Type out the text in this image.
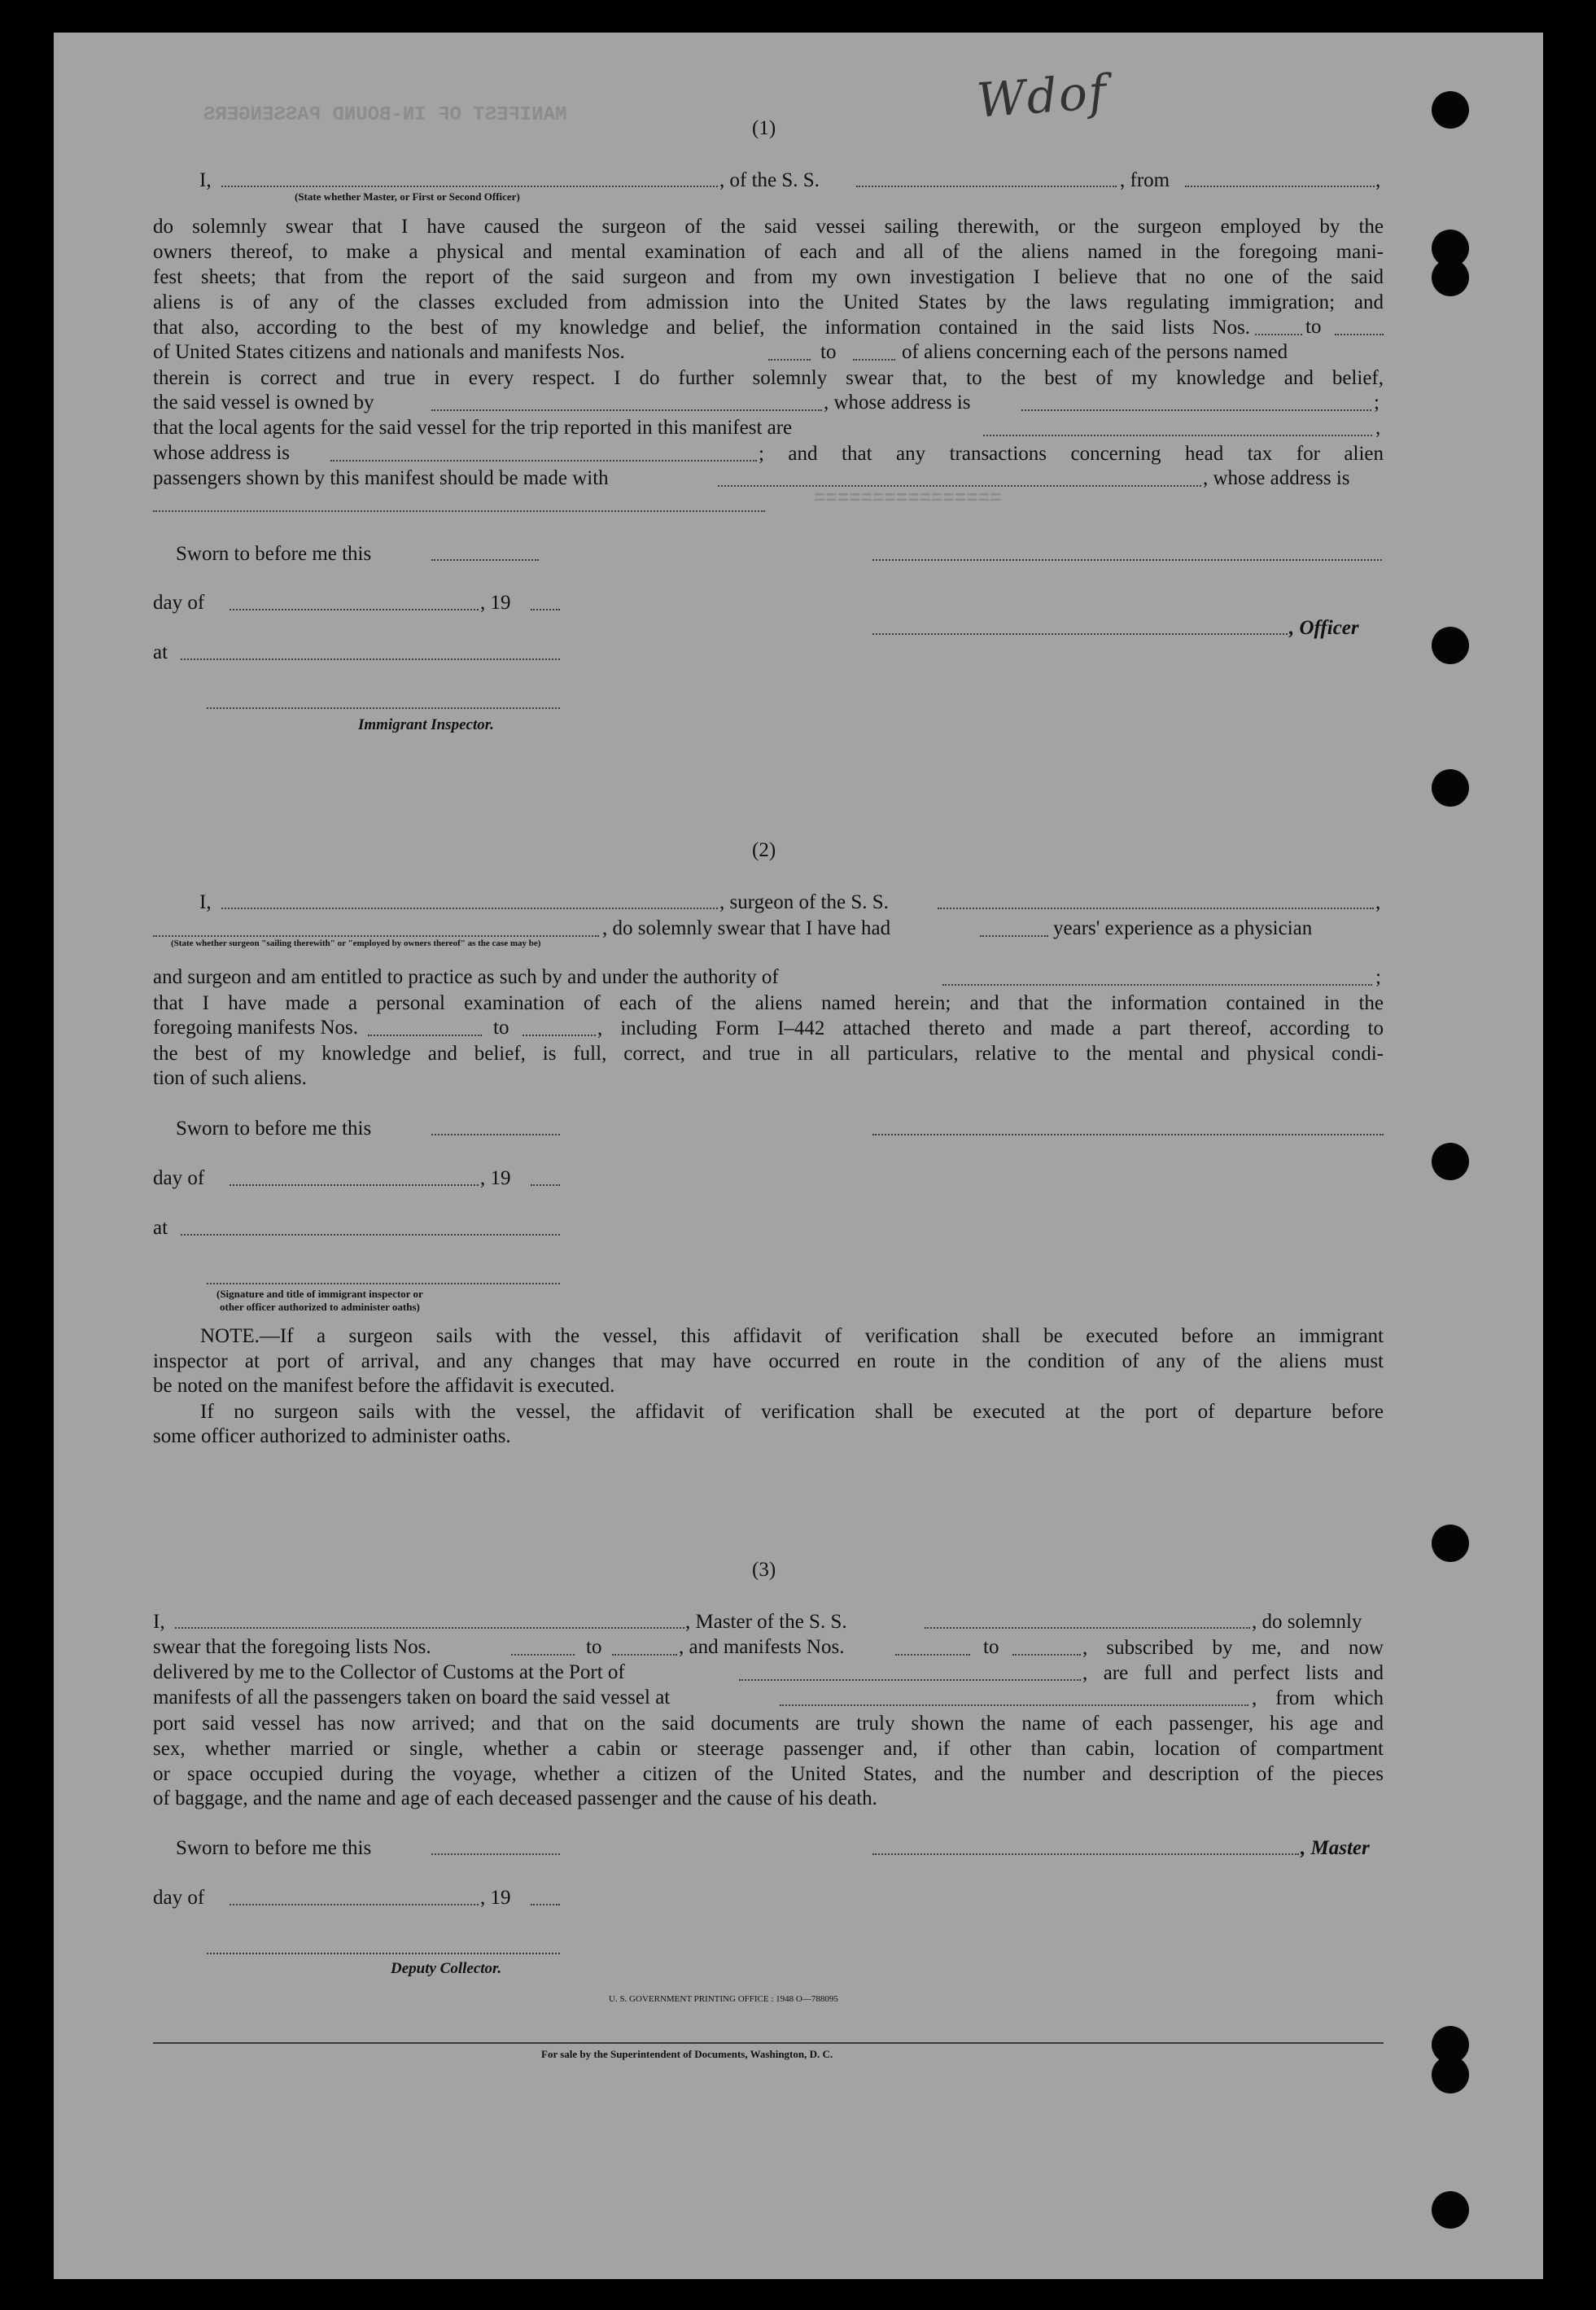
MANIFEST OF IN-BOUND PASSENGERS
================
Wdof
(1)
I,	, of the S. S.	, from	,
(State whether Master, or First or Second Officer)
do solemnly swear that I have caused the surgeon of the said vessei sailing therewith, or the surgeon employed by the
owners thereof, to make a physical and mental examination of each and all of the aliens named in the foregoing mani-
fest sheets; that from the report of the said surgeon and from my own investigation I believe that no one of the said
aliens is of any of the classes excluded from admission into the United States by the laws regulating immigration; and
that also, according to the best of my knowledge and belief, the information contained in the said lists Nos.	to
of United States citizens and nationals and manifests Nos.	to	of aliens concerning each of the persons named
therein is correct and true in every respect. I do further solemnly swear that, to the best of my knowledge and belief,
the said vessel is owned by	, whose address is	;
that the local agents for the said vessel for the trip reported in this manifest are	,
whose address is	; and that any transactions concerning head tax for alien
passengers shown by this manifest should be made with	, whose address is
Sworn to before me this
day of	, 19
, Officer
at
Immigrant Inspector.
(2)
I,	, surgeon of the S. S.	,
, do solemnly swear that I have had	years' experience as a physician
(State whether surgeon "sailing therewith" or "employed by owners thereof" as the case may be)
and surgeon and am entitled to practice as such by and under the authority of	;
that I have made a personal examination of each of the aliens named herein; and that the information contained in the
foregoing manifests Nos.	to	, including Form I–442 attached thereto and made a part thereof, according to
the best of my knowledge and belief, is full, correct, and true in all particulars, relative to the mental and physical condi-
tion of such aliens.
Sworn to before me this
day of	, 19
at
(Signature and title of immigrant inspector or
other officer authorized to administer oaths)
NOTE.—If a surgeon sails with the vessel, this affidavit of verification shall be executed before an immigrant
inspector at port of arrival, and any changes that may have occurred en route in the condition of any of the aliens must
be noted on the manifest before the affidavit is executed.
If no surgeon sails with the vessel, the affidavit of verification shall be executed at the port of departure before
some officer authorized to administer oaths.
(3)
I,	, Master of the S. S.	, do solemnly
swear that the foregoing lists Nos.	to	, and manifests Nos.	to	, subscribed by me, and now
delivered by me to the Collector of Customs at the Port of	, are full and perfect lists and
manifests of all the passengers taken on board the said vessel at	, from which
port said vessel has now arrived; and that on the said documents are truly shown the name of each passenger, his age and
sex, whether married or single, whether a cabin or steerage passenger and, if other than cabin, location of compartment
or space occupied during the voyage, whether a citizen of the United States, and the number and description of the pieces
of baggage, and the name and age of each deceased passenger and the cause of his death.
Sworn to before me this	, Master
day of	, 19
Deputy Collector.
U. S. GOVERNMENT PRINTING OFFICE : 1948 O—788095
For sale by the Superintendent of Documents, Washington, D. C.
